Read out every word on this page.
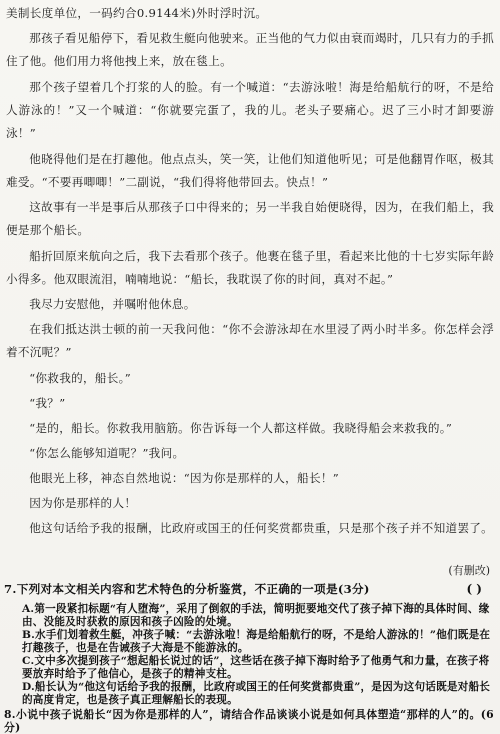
美制长度单位，一码约合0.9144米)外时浮时沉。
那孩子看见船停下，看见救生艇向他驶来。正当他的气力似由衰而竭时，几只有力的手抓住了他。他们用力将他拽上来，放在毯上。
那个孩子望着几个打浆的人的脸。有一个喊道：“去游泳啦！海是给船航行的呀，不是给人游泳的！”又一个喊道：“你就要完蛋了，我的儿。老头子要痛心。迟了三小时才卸要游泳！”
他晓得他们是在打趣他。他点点头，笑一笑，让他们知道他听见；可是他翻胃作呕，极其难受。“不要再唧唧！”二副说，“我们得将他带回去。快点！”
这故事有一半是事后从那孩子口中得来的；另一半我自始便晓得，因为，在我们船上，我便是那个船长。
船折回原来航向之后，我下去看那个孩子。他裹在毯子里，看起来比他的十七岁实际年龄小得多。他双眼流泪，喃喃地说：“船长，我耽误了你的时间，真对不起。”
我尽力安慰他，并嘱咐他休息。
在我们抵达洪士顿的前一天我问他：“你不会游泳却在水里浸了两小时半多。你怎样会浮着不沉呢？”
“你救我的，船长。”
“我？”
“是的，船长。你救我用脑筋。你告诉每一个人都这样做。我晓得船会来救我的。”
“你怎么能够知道呢？”我问。
他眼光上移，神态自然地说：“因为你是那样的人，船长！”
因为你是那样的人！
他这句话给予我的报酬，比政府或国王的任何奖赏都贵重，只是那个孩子并不知道罢了。
(有删改)
7.下列对本文相关内容和艺术特色的分析鉴赏，不正确的一项是(3分)	( )
A.第一段紧扣标题“有人堕海”，采用了倒叙的手法，简明扼要地交代了孩子掉下海的具体时间、缘由、没能及时获救的原因和孩子凶险的处境。
B.水手们划着救生艇，冲孩子喊：“去游泳啦！海是给船航行的呀，不是给人游泳的！”他们既是在打趣孩子，也是在告诫孩子大海是不能游泳的。
C.文中多次提到孩子“想起船长说过的话”，这些话在孩子掉下海时给予了他勇气和力量，在孩子将要放弃时给予了他信心，是孩子的精神支柱。
D.船长认为“他这句话给予我的报酬，比政府或国王的任何奖赏都贵重”，是因为这句话既是对船长的高度肯定，也是孩子真正理解船长的表现。
8.小说中孩子说船长“因为你是那样的人”，请结合作品谈谈小说是如何具体塑造“那样的人”的。(6分)
